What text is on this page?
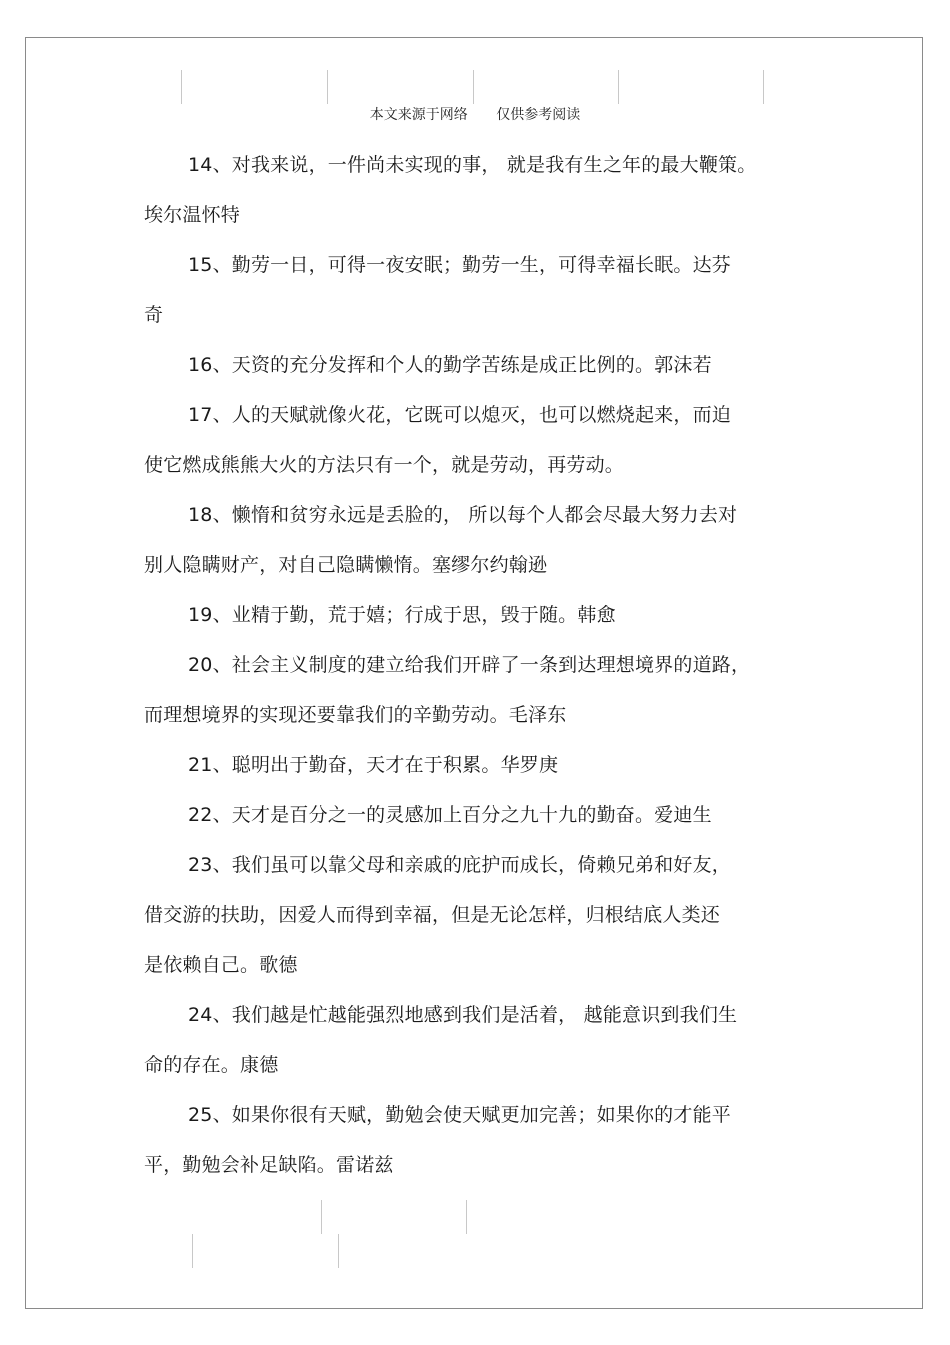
本文来源于网络 仅供参考阅读
14、对我来说，一件尚未实现的事， 就是我有生之年的最大鞭策。
埃尔温怀特
15、勤劳一日，可得一夜安眠；勤劳一生，可得幸福长眠。达芬
奇
16、天资的充分发挥和个人的勤学苦练是成正比例的。郭沫若
17、人的天赋就像火花，它既可以熄灭，也可以燃烧起来，而迫
使它燃成熊熊大火的方法只有一个，就是劳动，再劳动。
18、懒惰和贫穷永远是丢脸的， 所以每个人都会尽最大努力去对
别人隐瞒财产，对自己隐瞒懒惰。塞缪尔约翰逊
19、业精于勤，荒于嬉；行成于思，毁于随。韩愈
20、社会主义制度的建立给我们开辟了一条到达理想境界的道路，
而理想境界的实现还要靠我们的辛勤劳动。毛泽东
21、聪明出于勤奋，天才在于积累。华罗庚
22、天才是百分之一的灵感加上百分之九十九的勤奋。爱迪生
23、我们虽可以靠父母和亲戚的庇护而成长，倚赖兄弟和好友，
借交游的扶助，因爱人而得到幸福，但是无论怎样，归根结底人类还
是依赖自己。歌德
24、我们越是忙越能强烈地感到我们是活着， 越能意识到我们生
命的存在。康德
25、如果你很有天赋，勤勉会使天赋更加完善；如果你的才能平
平，勤勉会补足缺陷。雷诺兹
